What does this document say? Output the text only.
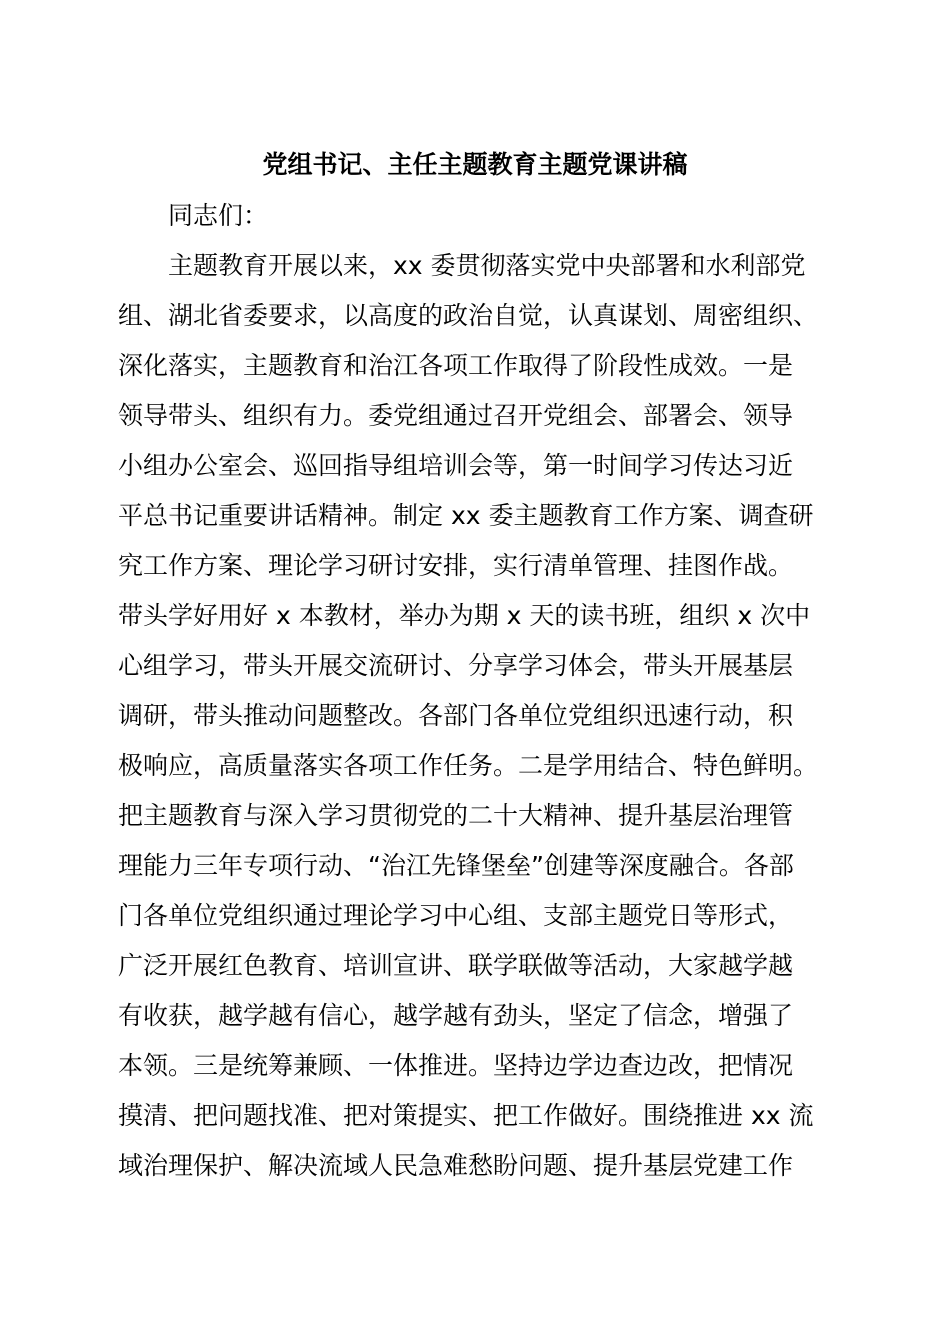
党组书记、主任主题教育主题党课讲稿

同志们：

主题教育开展以来，xx 委贯彻落实党中央部署和水利部党

组、湖北省委要求，以高度的政治自觉，认真谋划、周密组织、

深化落实，主题教育和治江各项工作取得了阶段性成效。一是

领导带头、组织有力。委党组通过召开党组会、部署会、领导

小组办公室会、巡回指导组培训会等，第一时间学习传达习近

平总书记重要讲话精神。制定 xx 委主题教育工作方案、调查研

究工作方案、理论学习研讨安排，实行清单管理、挂图作战。

带头学好用好 x 本教材，举办为期 x 天的读书班，组织 x 次中

心组学习，带头开展交流研讨、分享学习体会，带头开展基层

调研，带头推动问题整改。各部门各单位党组织迅速行动，积

极响应，高质量落实各项工作任务。二是学用结合、特色鲜明。

把主题教育与深入学习贯彻党的二十大精神、提升基层治理管

理能力三年专项行动、“治江先锋堡垒”创建等深度融合。各部

门各单位党组织通过理论学习中心组、支部主题党日等形式，

广泛开展红色教育、培训宣讲、联学联做等活动，大家越学越

有收获，越学越有信心，越学越有劲头，坚定了信念，增强了

本领。三是统筹兼顾、一体推进。坚持边学边查边改，把情况

摸清、把问题找准、把对策提实、把工作做好。围绕推进 xx 流

域治理保护、解决流域人民急难愁盼问题、提升基层党建工作
